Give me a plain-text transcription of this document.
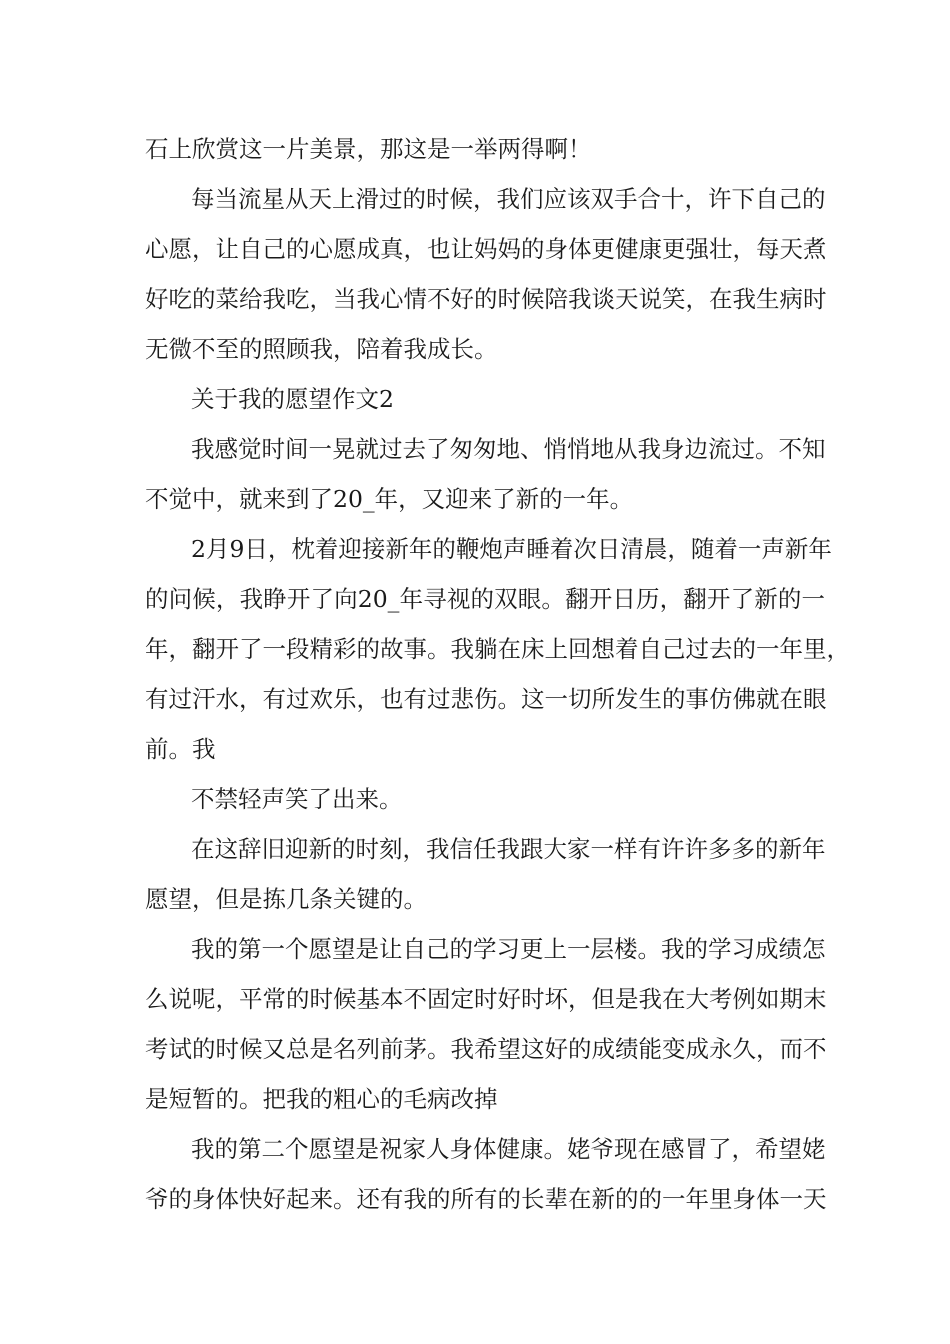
石上欣赏这一片美景，那这是一举两得啊！
每当流星从天上滑过的时候，我们应该双手合十，许下自己的
心愿，让自己的心愿成真，也让妈妈的身体更健康更强壮，每天煮
好吃的菜给我吃，当我心情不好的时候陪我谈天说笑，在我生病时
无微不至的照顾我，陪着我成长。
关于我的愿望作文2
我感觉时间一晃就过去了匆匆地、悄悄地从我身边流过。不知
不觉中，就来到了20_年，又迎来了新的一年。
2月9日，枕着迎接新年的鞭炮声睡着次日清晨，随着一声新年
的问候，我睁开了向20_年寻视的双眼。翻开日历，翻开了新的一
年，翻开了一段精彩的故事。我躺在床上回想着自己过去的一年里，
有过汗水，有过欢乐，也有过悲伤。这一切所发生的事仿佛就在眼
前。我
不禁轻声笑了出来。
在这辞旧迎新的时刻，我信任我跟大家一样有许许多多的新年
愿望，但是拣几条关键的。
我的第一个愿望是让自己的学习更上一层楼。我的学习成绩怎
么说呢，平常的时候基本不固定时好时坏，但是我在大考例如期末
考试的时候又总是名列前茅。我希望这好的成绩能变成永久，而不
是短暂的。把我的粗心的毛病改掉
我的第二个愿望是祝家人身体健康。姥爷现在感冒了，希望姥
爷的身体快好起来。还有我的所有的长辈在新的的一年里身体一天
